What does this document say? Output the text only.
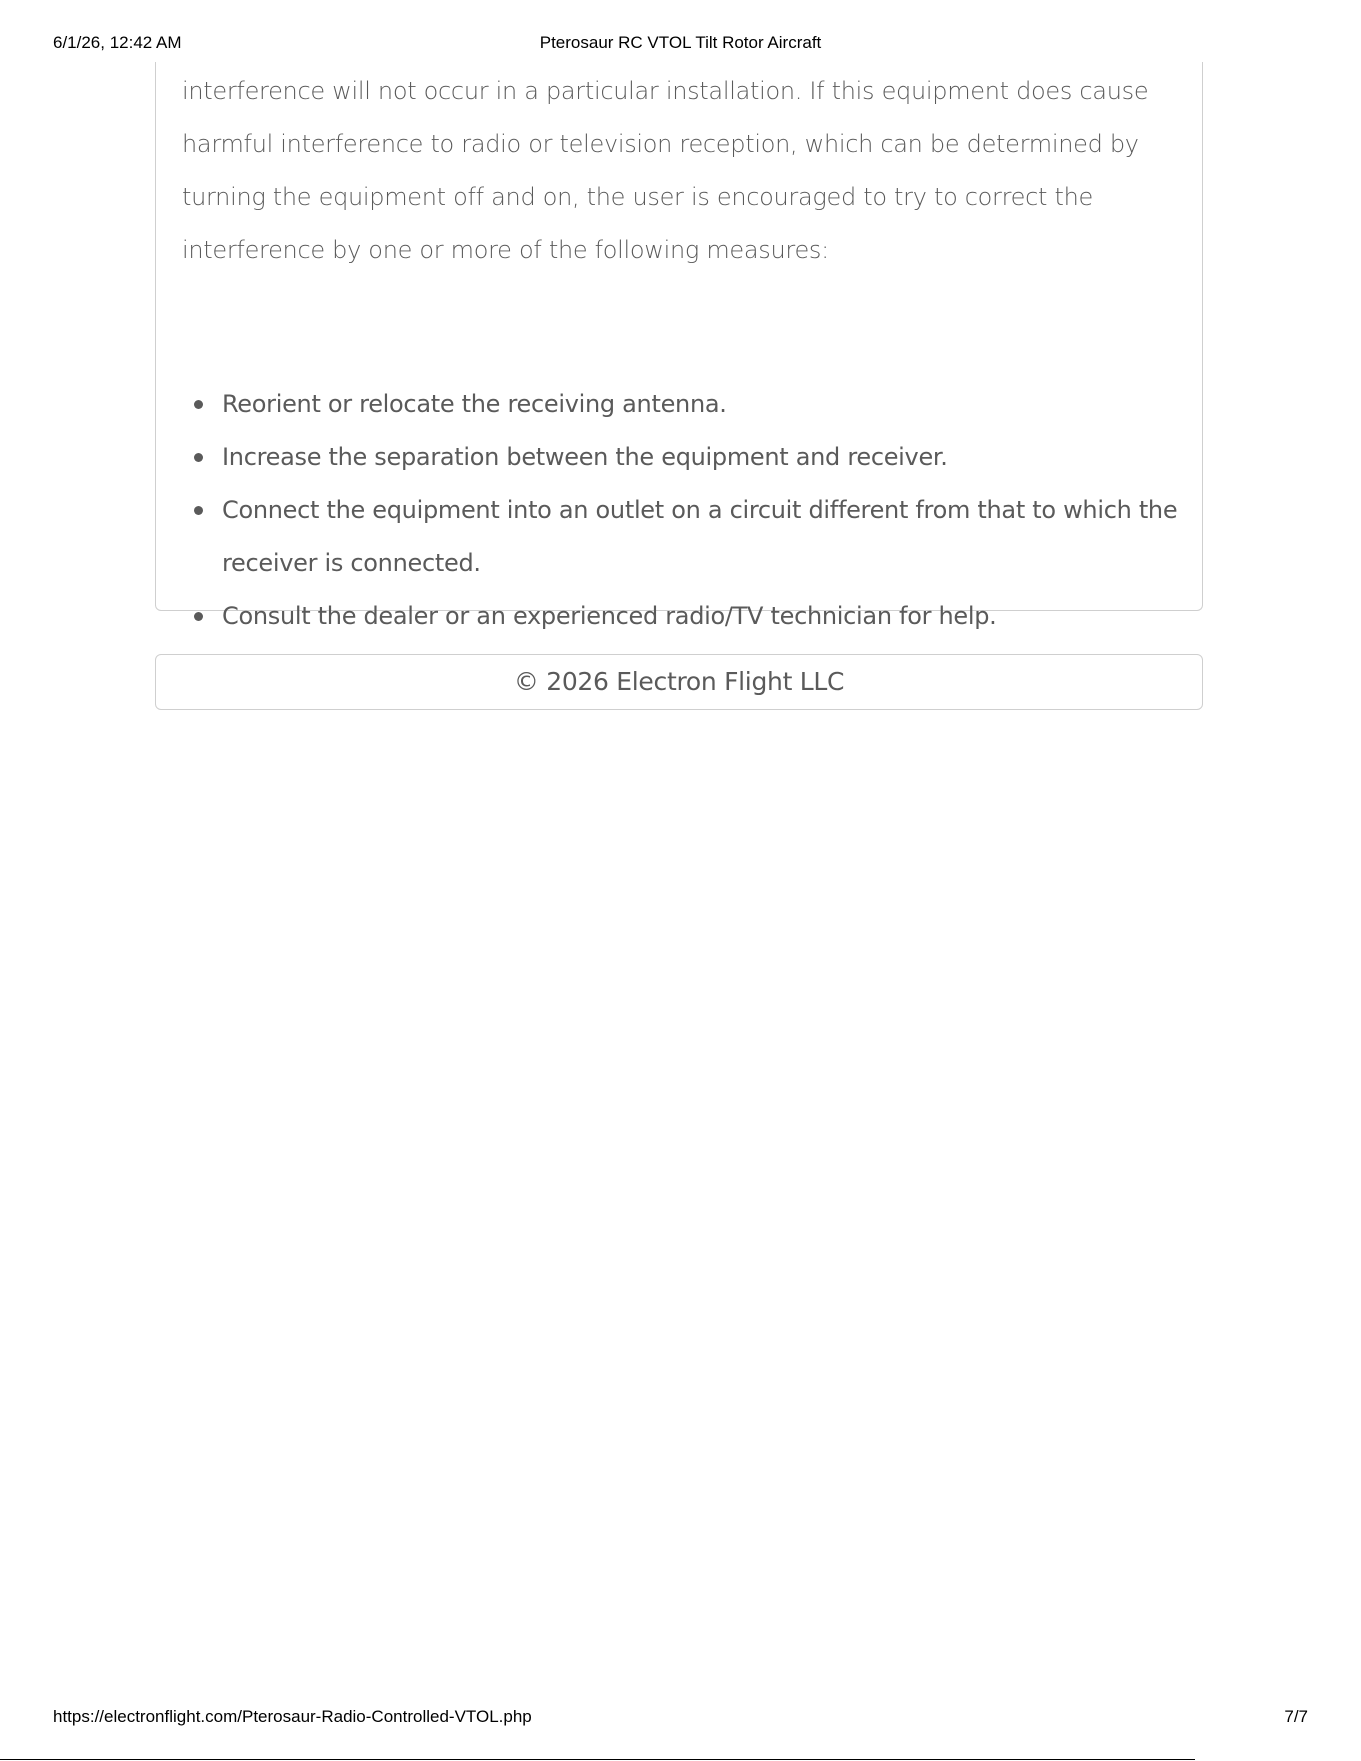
6/1/26, 12:42 AM	Pterosaur RC VTOL Tilt Rotor Aircraft

interference will not occur in a particular installation. If this equipment does cause
harmful interference to radio or television reception, which can be determined by
turning the equipment off and on, the user is encouraged to try to correct the
interference by one or more of the following measures:

Reorient or relocate the receiving antenna.
Increase the separation between the equipment and receiver.
Connect the equipment into an outlet on a circuit different from that to which the
receiver is connected.
Consult the dealer or an experienced radio/TV technician for help.
© 2026 Electron Flight LLC
https://electronflight.com/Pterosaur-Radio-Controlled-VTOL.php	7/7
